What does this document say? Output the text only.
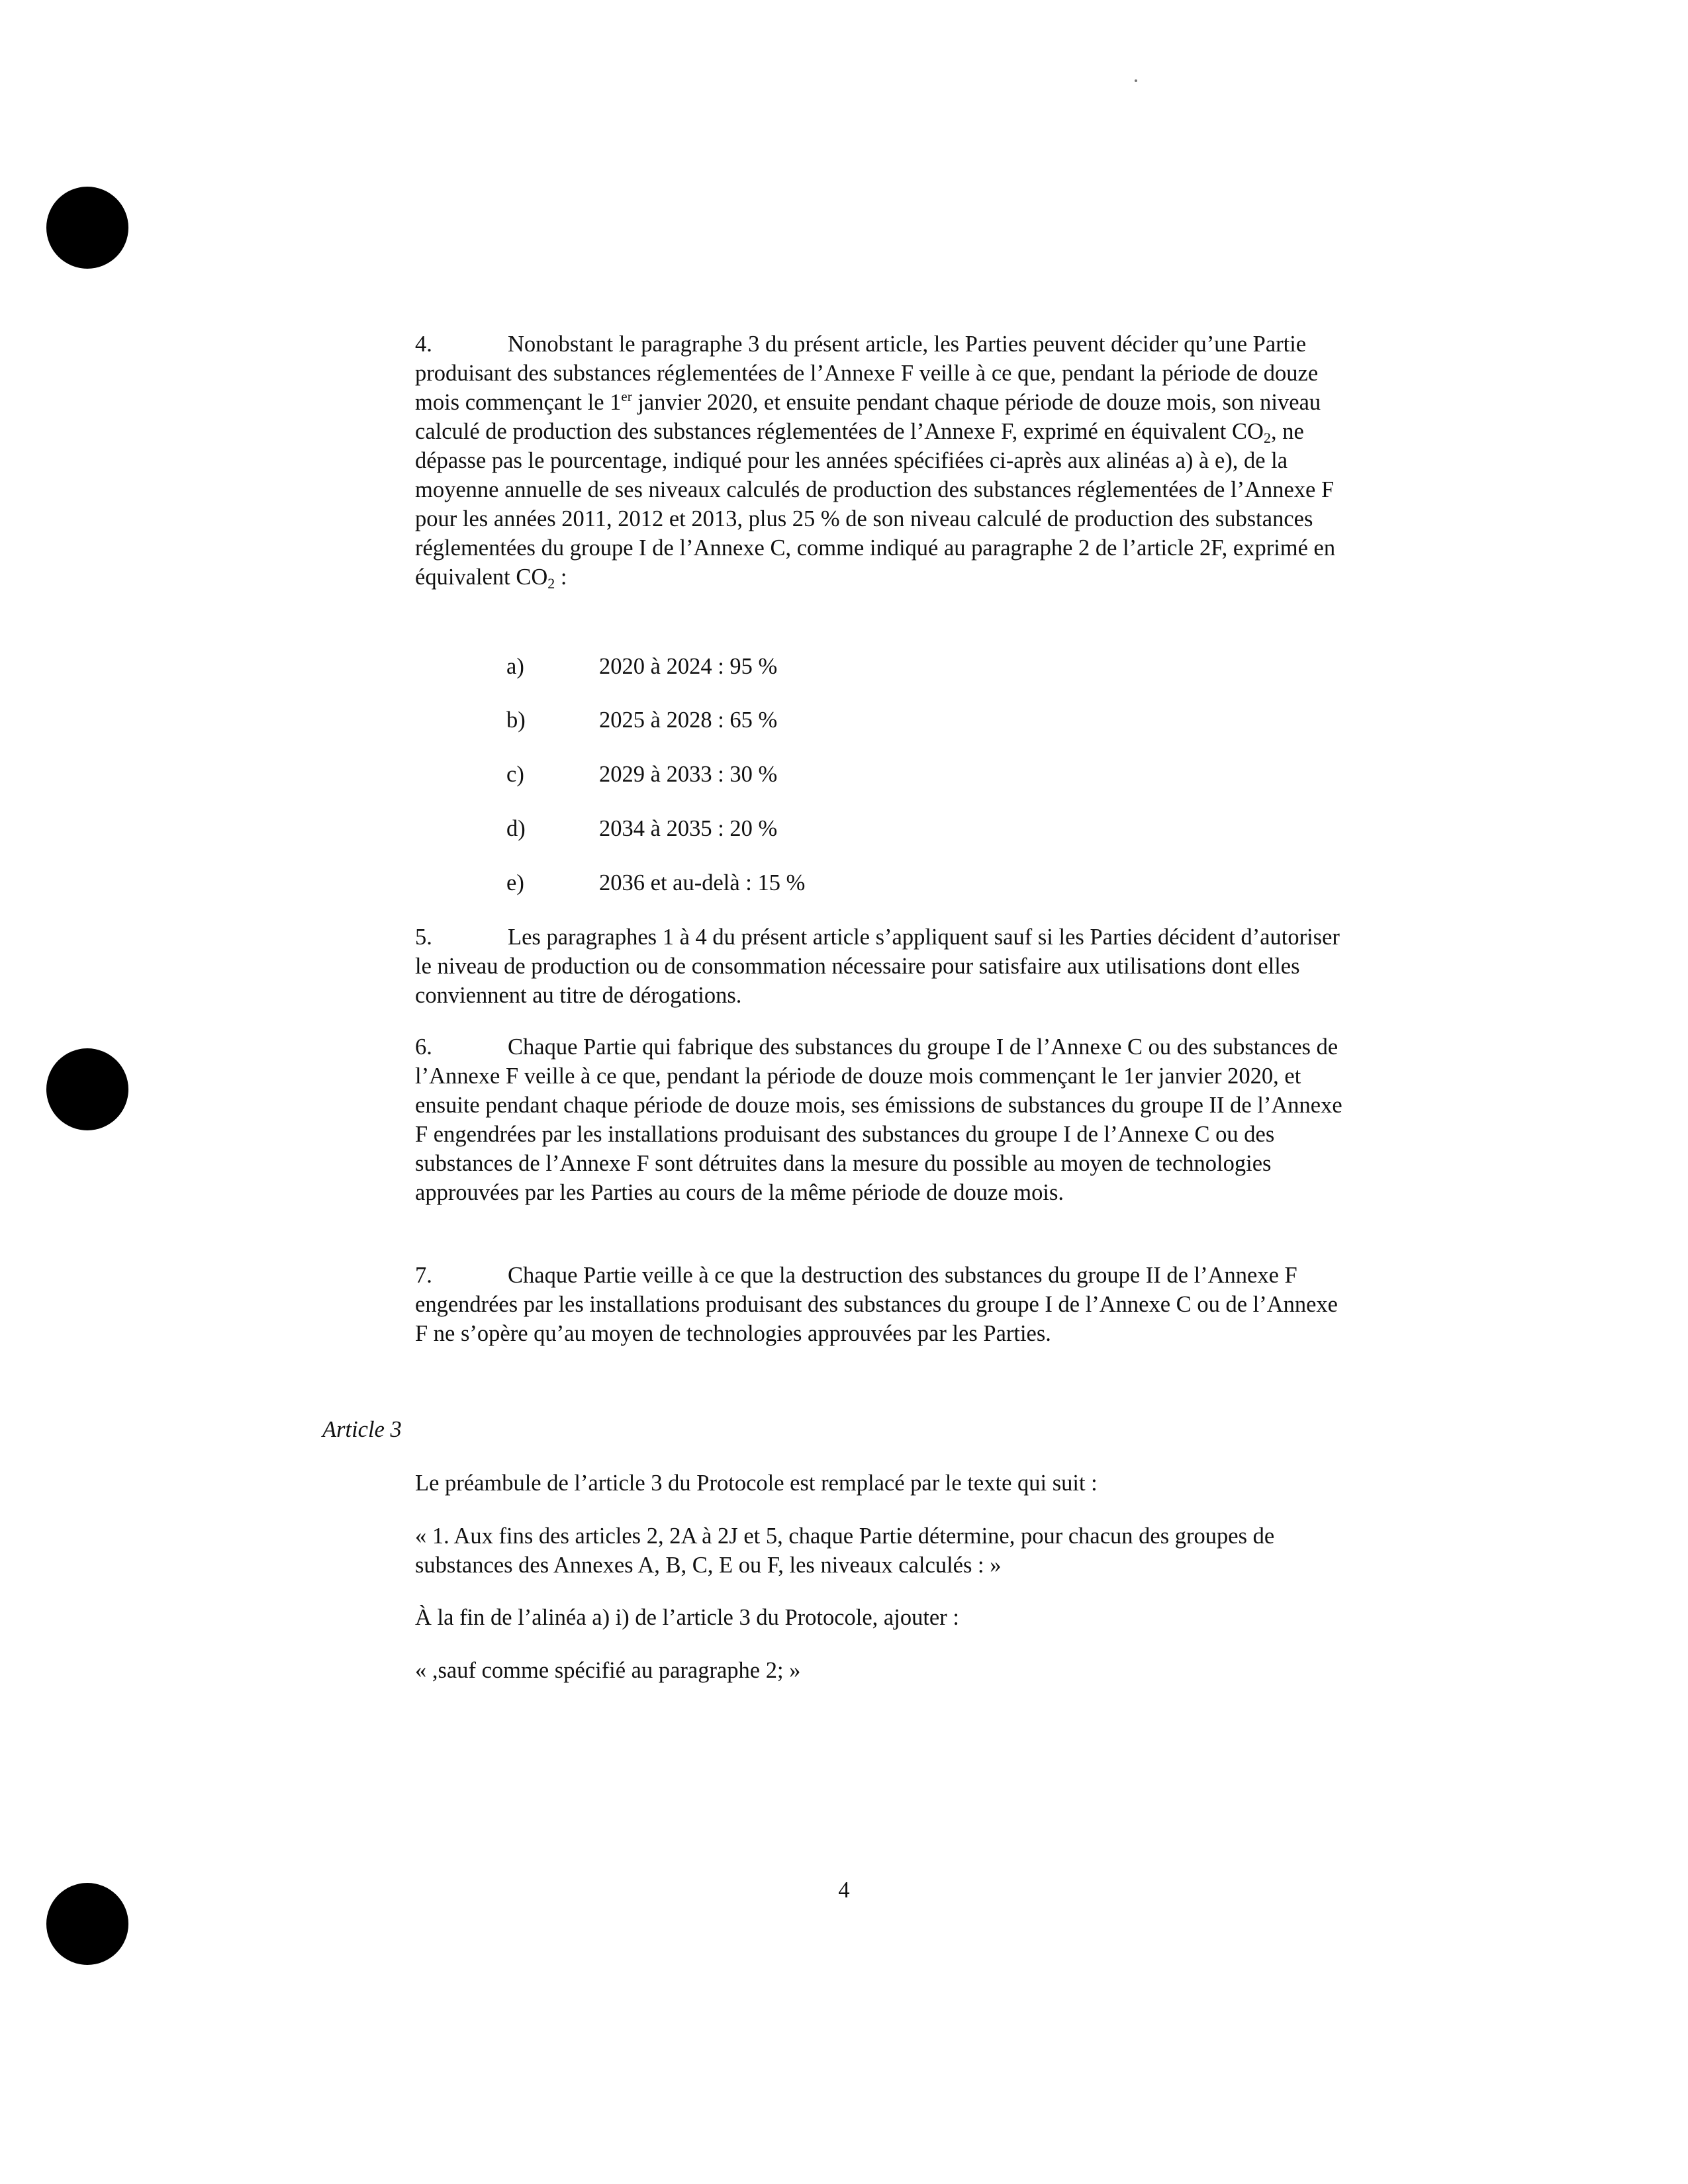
4.	Nonobstant le paragraphe 3 du présent article, les Parties peuvent décider qu’une Partie produisant des substances réglementées de l’Annexe F veille à ce que, pendant la période de douze mois commençant le 1er janvier 2020, et ensuite pendant chaque période de douze mois, son niveau calculé de production des substances réglementées de l’Annexe F, exprimé en équivalent $CO_2$, ne dépasse pas le pourcentage, indiqué pour les années spécifiées ci-après aux alinéas a) à e), de la moyenne annuelle de ses niveaux calculés de production des substances réglementées de l’Annexe F pour les années 2011, 2012 et 2013, plus 25 % de son niveau calculé de production des substances réglementées du groupe I de l’Annexe C, comme indiqué au paragraphe 2 de l’article 2F, exprimé en équivalent $CO_2$ :

a)	2020 à 2024 : 95 %
b)	2025 à 2028 : 65 %
c)	2029 à 2033 : 30 %
d)	2034 à 2035 : 20 %
e)	2036 et au-delà : 15 %

5.	Les paragraphes 1 à 4 du présent article s’appliquent sauf si les Parties décident d’autoriser le niveau de production ou de consommation nécessaire pour satisfaire aux utilisations dont elles conviennent au titre de dérogations.

6.	Chaque Partie qui fabrique des substances du groupe I de l’Annexe C ou des substances de l’Annexe F veille à ce que, pendant la période de douze mois commençant le 1er janvier 2020, et ensuite pendant chaque période de douze mois, ses émissions de substances du groupe II de l’Annexe F engendrées par les installations produisant des substances du groupe I de l’Annexe C ou des substances de l’Annexe F sont détruites dans la mesure du possible au moyen de technologies approuvées par les Parties au cours de la même période de douze mois.

7.	Chaque Partie veille à ce que la destruction des substances du groupe II de l’Annexe F engendrées par les installations produisant des substances du groupe I de l’Annexe C ou de l’Annexe F ne s’opère qu’au moyen de technologies approuvées par les Parties.

Le préambule de l’article 3 du Protocole est remplacé par le texte qui suit :

« 1. Aux fins des articles 2, 2A à 2J et 5, chaque Partie détermine, pour chacun des groupes de substances des Annexes A, B, C, E ou F, les niveaux calculés : »

À la fin de l’alinéa a) i) de l’article 3 du Protocole, ajouter :

« ,sauf comme spécifié au paragraphe 2; »

Article 3
4
